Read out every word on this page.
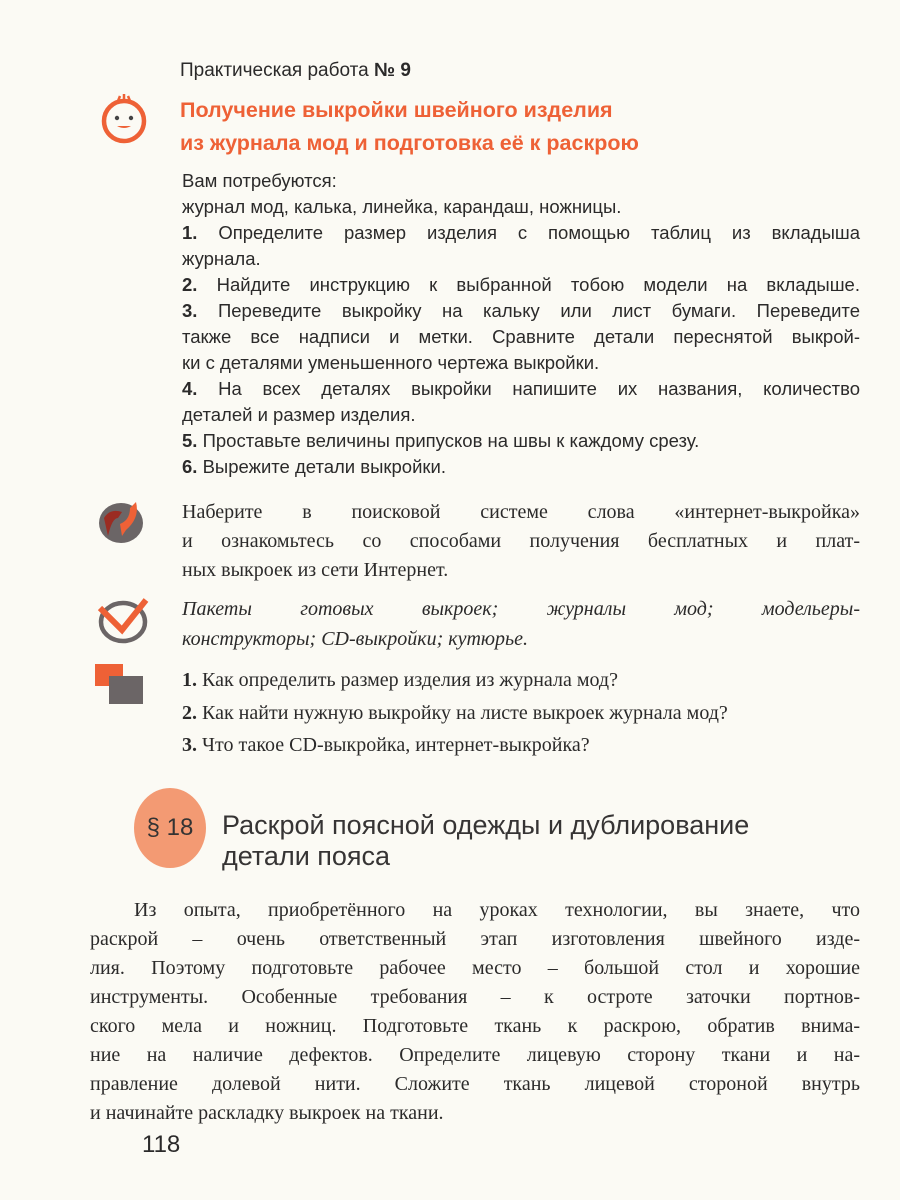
Практическая работа № 9
Получение выкройки швейного изделия
из журнала мод и подготовка её к раскрою
Вам потребуются:
журнал мод, калька, линейка, карандаш, ножницы.
1. Определите размер изделия с помощью таблиц из вкладыша
журнала.
2. Найдите инструкцию к выбранной тобою модели на вкладыше.
3. Переведите выкройку на кальку или лист бумаги. Переведите
также все надписи и метки. Сравните детали переснятой выкрой-
ки с деталями уменьшенного чертежа выкройки.
4. На всех деталях выкройки напишите их названия, количество
деталей и размер изделия.
5. Проставьте величины припусков на швы к каждому срезу.
6. Вырежите детали выкройки.
Наберите в поисковой системе слова «интернет-выкройка»
и ознакомьтесь со способами получения бесплатных и плат-
ных выкроек из сети Интернет.
Пакеты готовых выкроек; журналы мод; модельеры-
конструкторы; CD-выкройки; кутюрье.
1. Как определить размер изделия из журнала мод?
2. Как найти нужную выкройку на листе выкроек журнала мод?
3. Что такое CD-выкройка, интернет-выкройка?
§ 18	Раскрой поясной одежды и дублирование
детали пояса
Из опыта, приобретённого на уроках технологии, вы знаете, что
раскрой – очень ответственный этап изготовления швейного изде-
лия. Поэтому подготовьте рабочее место – большой стол и хорошие
инструменты. Особенные требования – к остроте заточки портнов-
ского мела и ножниц. Подготовьте ткань к раскрою, обратив внима-
ние на наличие дефектов. Определите лицевую сторону ткани и на-
правление долевой нити. Сложите ткань лицевой стороной внутрь
и начинайте раскладку выкроек на ткани.
118
